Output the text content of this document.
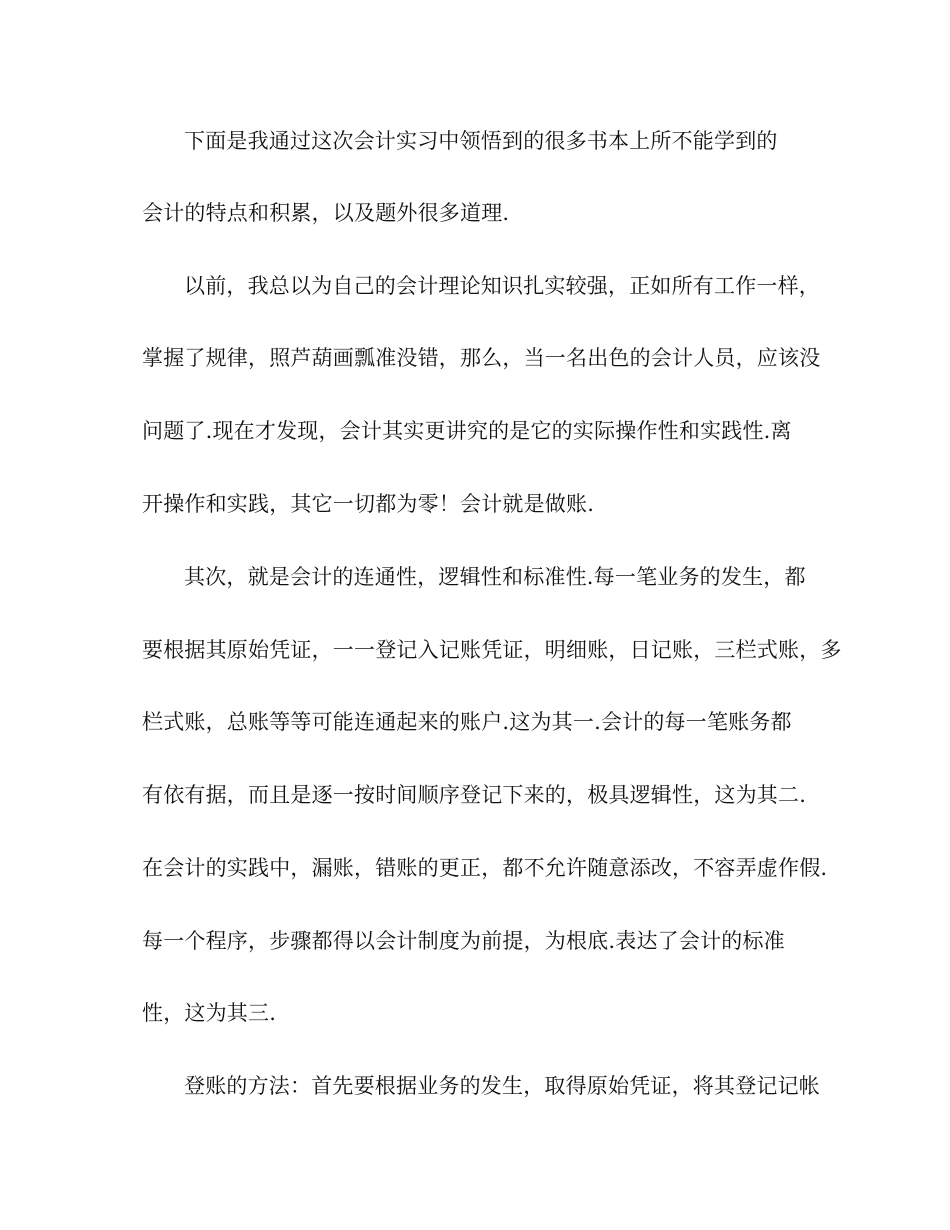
下面是我通过这次会计实习中领悟到的很多书本上所不能学到的
会计的特点和积累，以及题外很多道理.
以前，我总以为自己的会计理论知识扎实较强，正如所有工作一样，
掌握了规律，照芦葫画瓢准没错，那么，当一名出色的会计人员，应该没
问题了.现在才发现，会计其实更讲究的是它的实际操作性和实践性.离
开操作和实践，其它一切都为零！会计就是做账.
其次，就是会计的连通性，逻辑性和标准性.每一笔业务的发生，都
要根据其原始凭证，一一登记入记账凭证，明细账，日记账，三栏式账，多
栏式账，总账等等可能连通起来的账户.这为其一.会计的每一笔账务都
有依有据，而且是逐一按时间顺序登记下来的，极具逻辑性，这为其二.
在会计的实践中，漏账，错账的更正，都不允许随意添改，不容弄虚作假.
每一个程序，步骤都得以会计制度为前提，为根底.表达了会计的标准
性，这为其三.
登账的方法：首先要根据业务的发生，取得原始凭证，将其登记记帐
